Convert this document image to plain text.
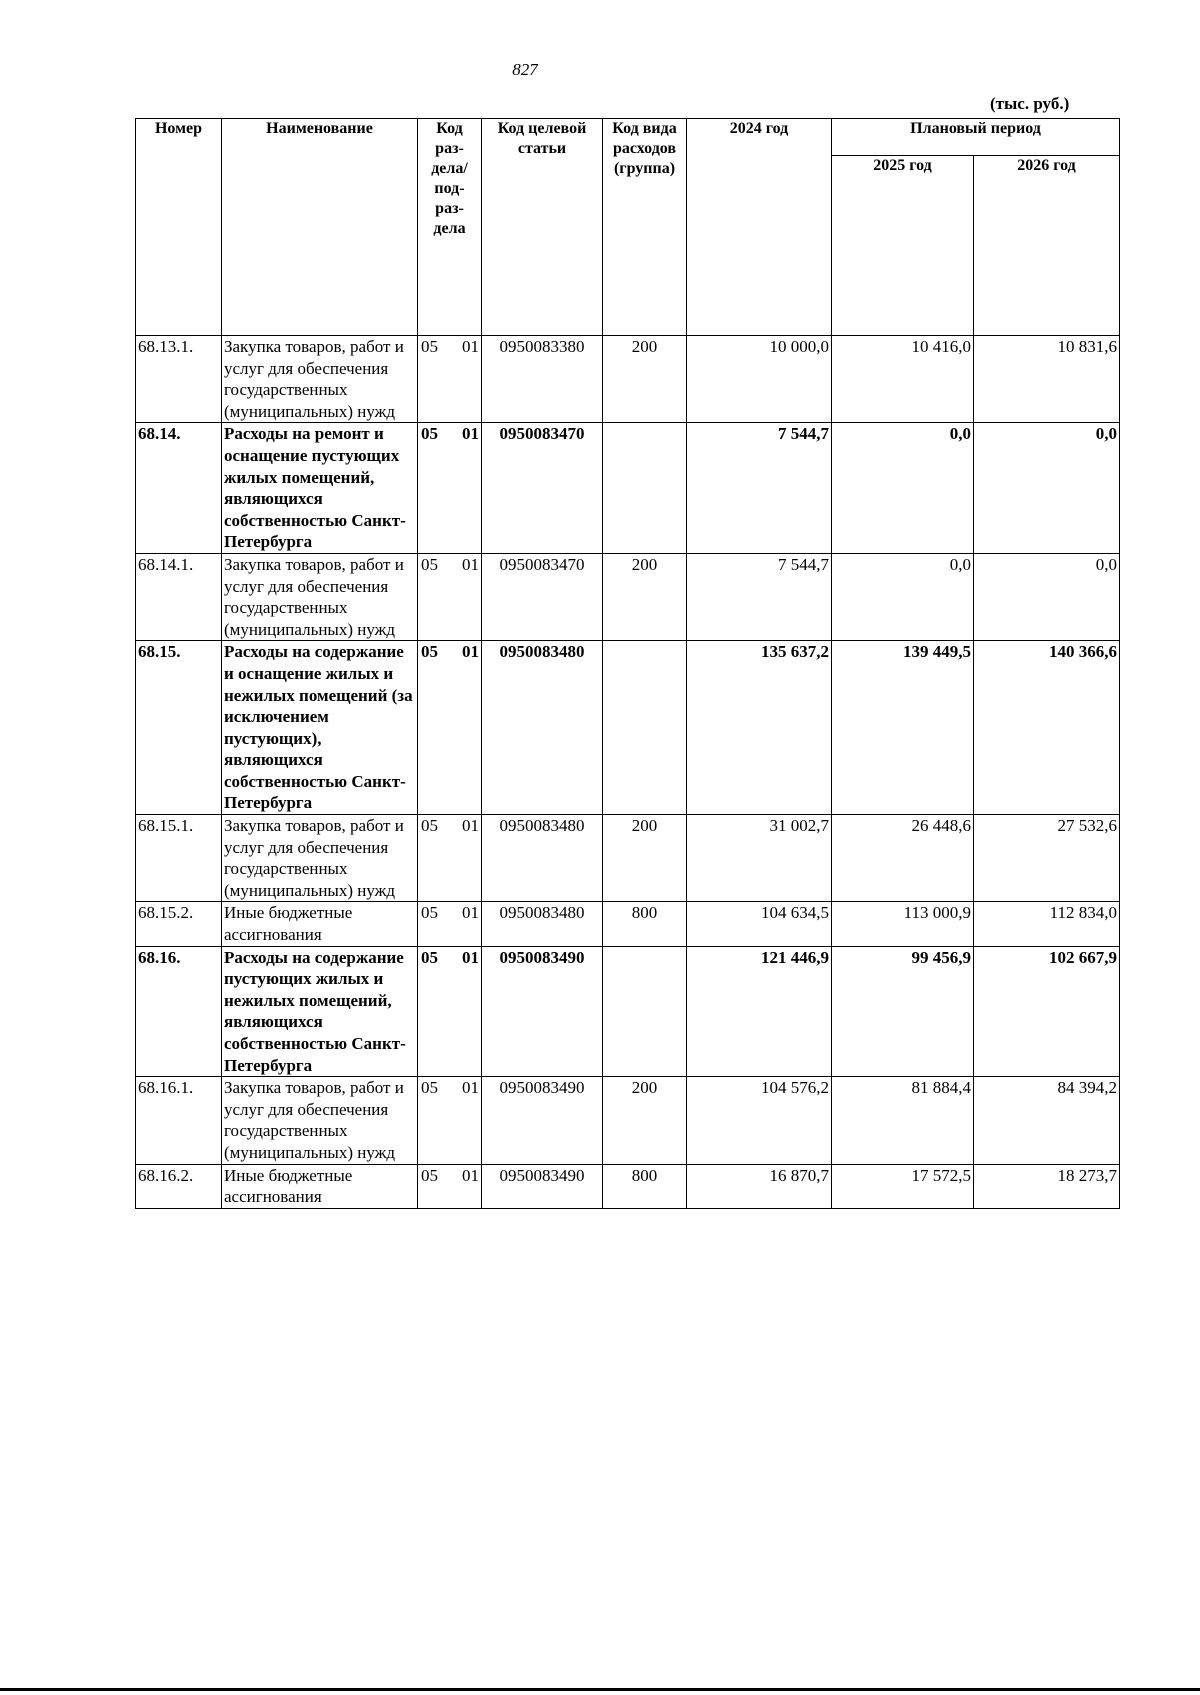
827
(тыс. руб.)
Номер	Наименование	Код раз- дела/ под- раз- дела	Код целевой статьи	Код вида расходов (группа)	2024 год	Плановый период	
						2025 год	2026 год
68.13.1.	Закупка товаров, работ и услуг для обеспечения государственных (муниципальных) нужд	05 01	0950083380	200	10 000,0	10 416,0	10 831,6
68.14.	Расходы на ремонт и оснащение пустующих жилых помещений, являющихся собственностью Санкт-Петербурга	05 01	0950083470		7 544,7	0,0	0,0
68.14.1.	Закупка товаров, работ и услуг для обеспечения государственных (муниципальных) нужд	05 01	0950083470	200	7 544,7	0,0	0,0
68.15.	Расходы на содержание и оснащение жилых и нежилых помещений (за исключением пустующих), являющихся собственностью Санкт-Петербурга	05 01	0950083480		135 637,2	139 449,5	140 366,6
68.15.1.	Закупка товаров, работ и услуг для обеспечения государственных (муниципальных) нужд	05 01	0950083480	200	31 002,7	26 448,6	27 532,6
68.15.2.	Иные бюджетные ассигнования	05 01	0950083480	800	104 634,5	113 000,9	112 834,0
68.16.	Расходы на содержание пустующих жилых и нежилых помещений, являющихся собственностью Санкт-Петербурга	05 01	0950083490		121 446,9	99 456,9	102 667,9
68.16.1.	Закупка товаров, работ и услуг для обеспечения государственных (муниципальных) нужд	05 01	0950083490	200	104 576,2	81 884,4	84 394,2
68.16.2.	Иные бюджетные ассигнования	05 01	0950083490	800	16 870,7	17 572,5	18 273,7
